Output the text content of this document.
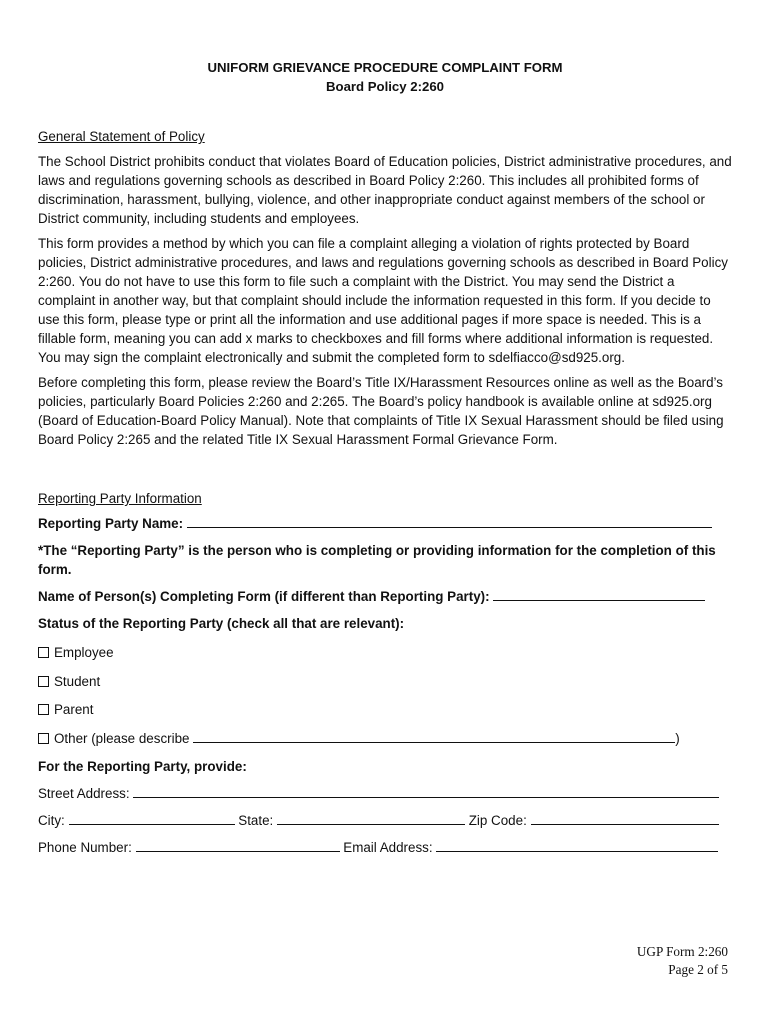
UNIFORM GRIEVANCE PROCEDURE COMPLAINT FORM
Board Policy 2:260
General Statement of Policy

The School District prohibits conduct that violates Board of Education policies, District administrative procedures, and laws and regulations governing schools as described in Board Policy 2:260. This includes all prohibited forms of discrimination, harassment, bullying, violence, and other inappropriate conduct against members of the school or District community, including students and employees.

This form provides a method by which you can file a complaint alleging a violation of rights protected by Board policies, District administrative procedures, and laws and regulations governing schools as described in Board Policy 2:260. You do not have to use this form to file such a complaint with the District. You may send the District a complaint in another way, but that complaint should include the information requested in this form. If you decide to use this form, please type or print all the information and use additional pages if more space is needed. This is a fillable form, meaning you can add x marks to checkboxes and fill forms where additional information is requested. You may sign the complaint electronically and submit the completed form to sdelfiacco@sd925.org.

Before completing this form, please review the Board’s Title IX/Harassment Resources online as well as the Board’s policies, particularly Board Policies 2:260 and 2:265. The Board’s policy handbook is available online at sd925.org (Board of Education-Board Policy Manual). Note that complaints of Title IX Sexual Harassment should be filed using Board Policy 2:265 and the related Title IX Sexual Harassment Formal Grievance Form.

Reporting Party Information
Reporting Party Name:
*The “Reporting Party” is the person who is completing or providing information for the completion of this form.
Name of Person(s) Completing Form (if different than Reporting Party):
Status of the Reporting Party (check all that are relevant):
Employee
Student
Parent
Other (please describe	)
For the Reporting Party, provide:
Street Address:
City:	State:	Zip Code:
Phone Number:	Email Address:
UGP Form 2:260
Page 2 of 5
